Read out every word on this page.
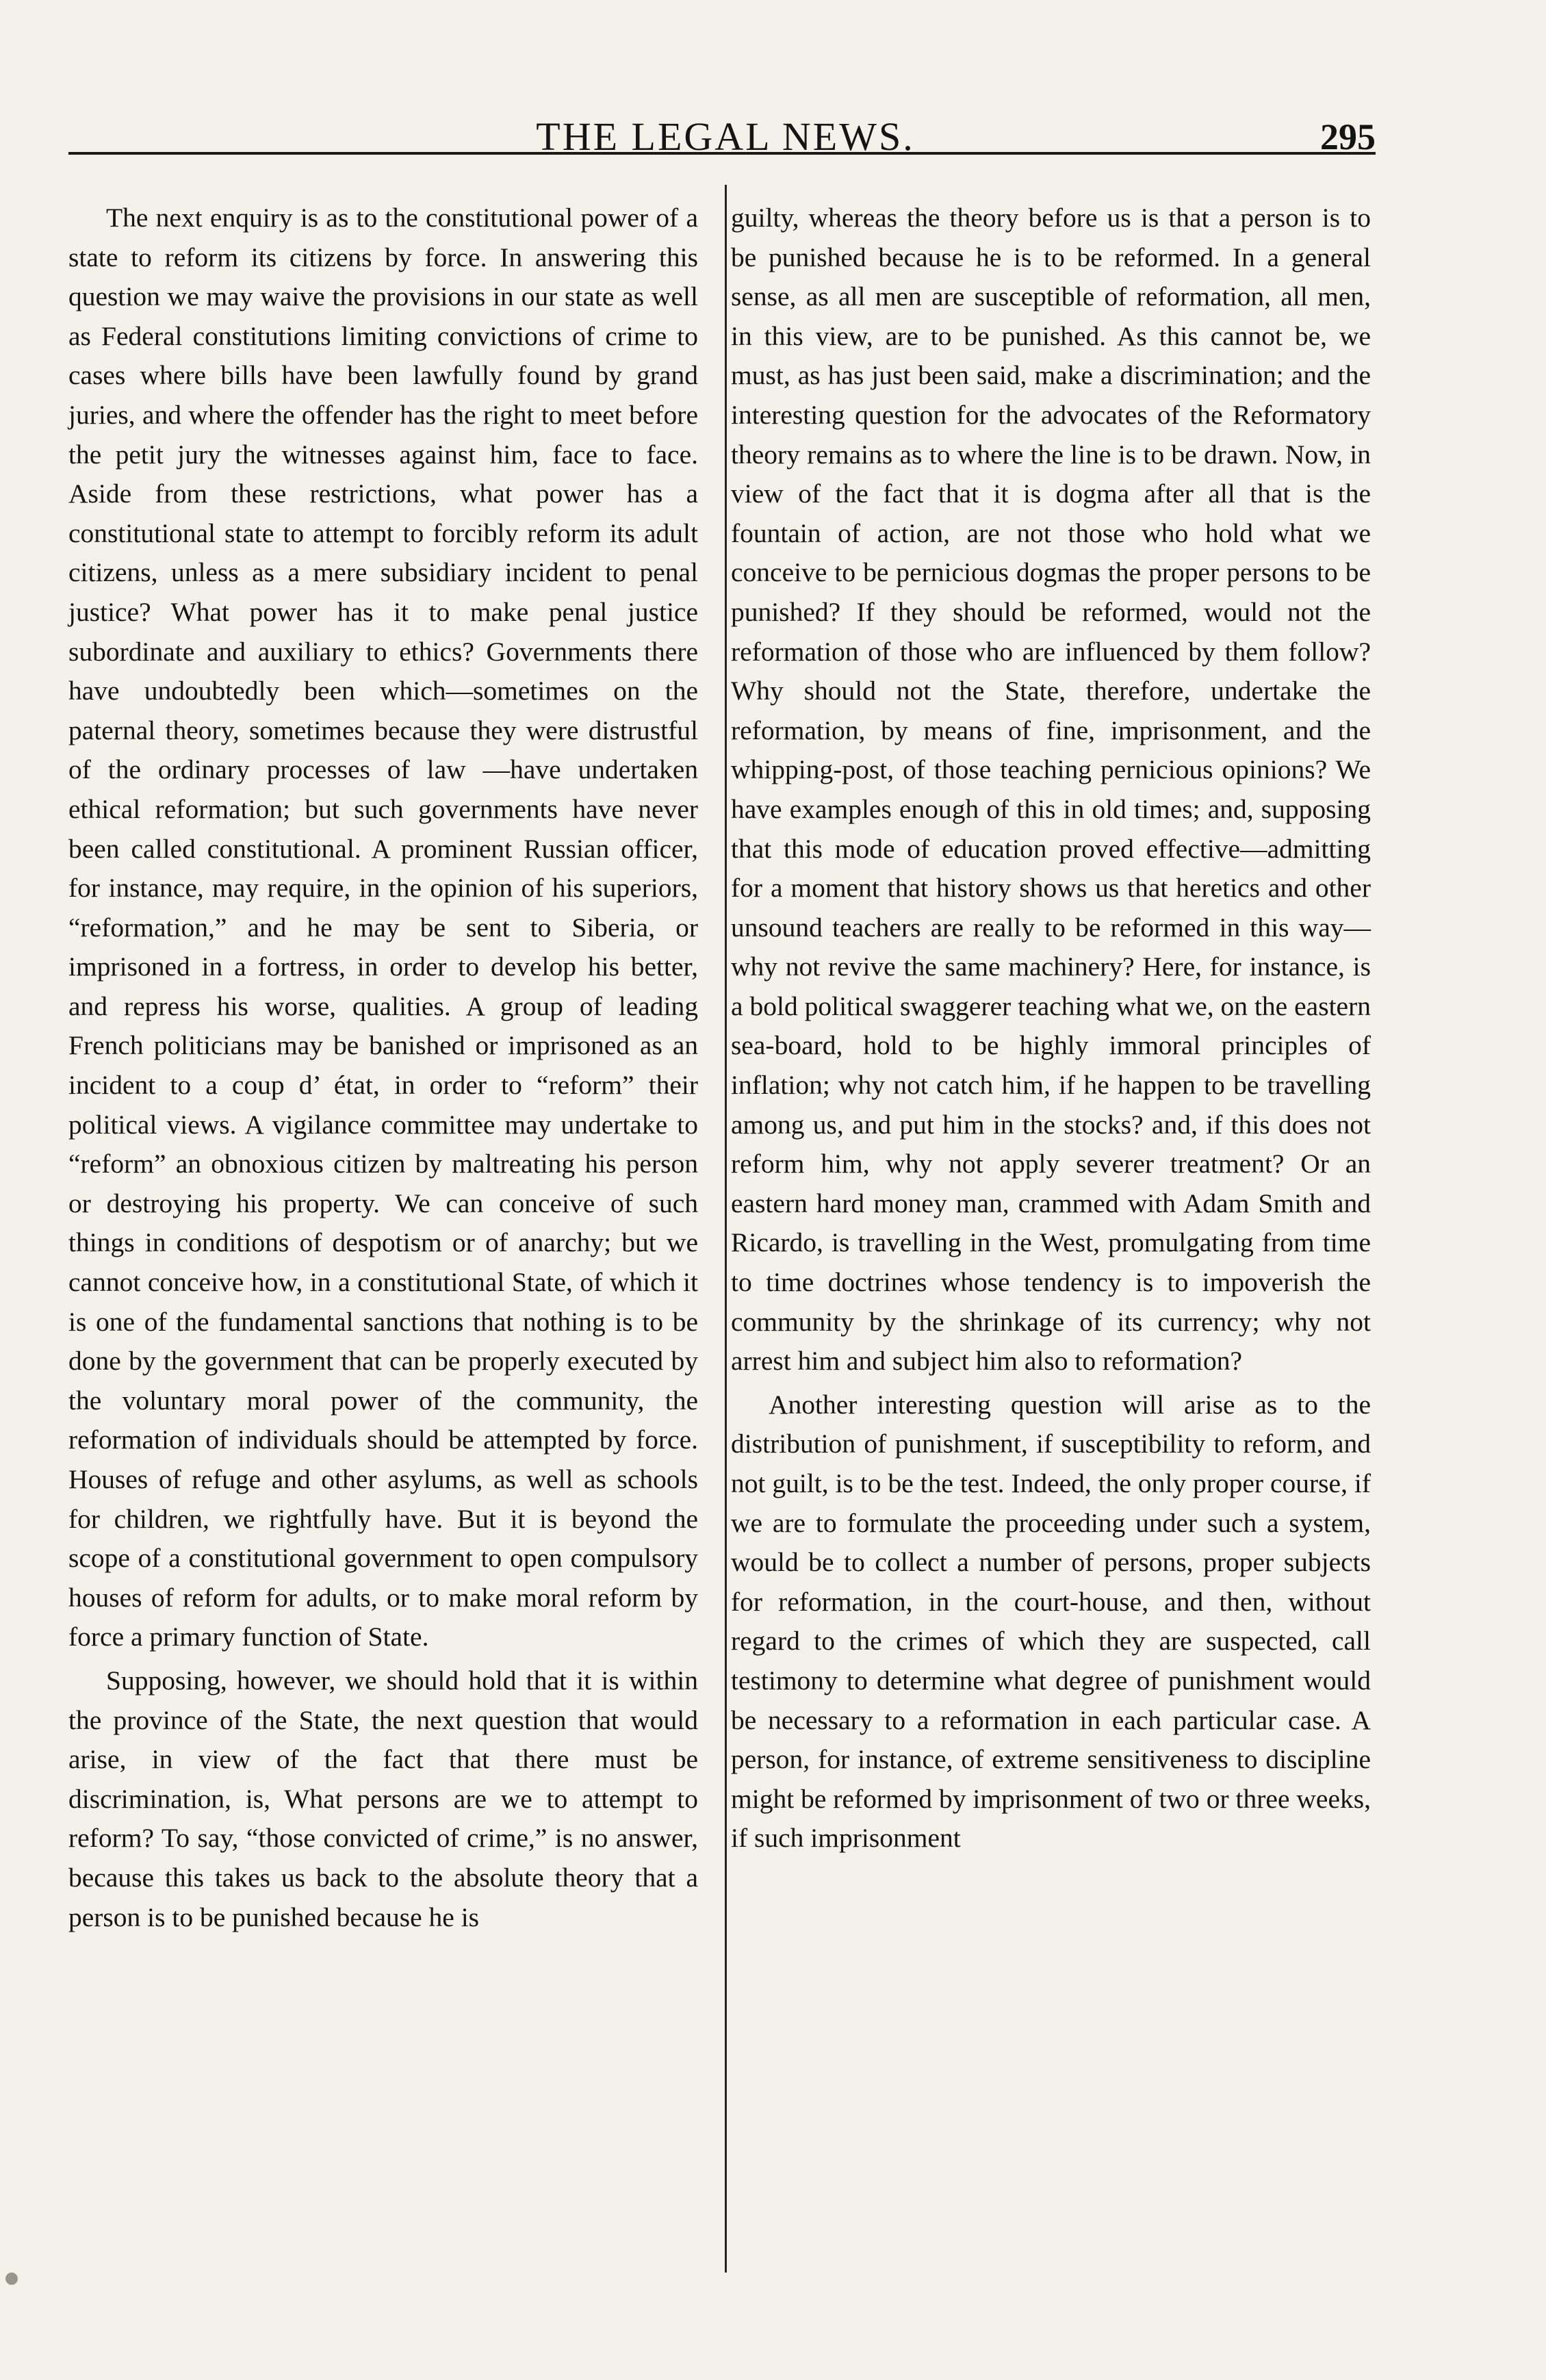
THE LEGAL NEWS.	295

The next enquiry is as to the constitutional power of a state to reform its citizens by force. In answering this question we may waive the provisions in our state as well as Federal constitutions limiting convictions of crime to cases where bills have been lawfully found by grand juries, and where the offender has the right to meet before the petit jury the witnesses against him, face to face. Aside from these restrictions, what power has a constitutional state to attempt to forcibly reform its adult citizens, unless as a mere subsidiary incident to penal justice? What power has it to make penal justice subordinate and auxiliary to ethics? Governments there have undoubtedly been which—sometimes on the paternal theory, sometimes because they were distrustful of the ordinary processes of law —have undertaken ethical reformation; but such governments have never been called constitutional. A prominent Russian officer, for instance, may require, in the opinion of his superiors, “reformation,” and he may be sent to Siberia, or imprisoned in a fortress, in order to develop his better, and repress his worse, qualities. A group of leading French politicians may be banished or imprisoned as an incident to a coup d’ état, in order to “reform” their political views. A vigilance committee may undertake to “reform” an obnoxious citizen by maltreating his person or destroying his property. We can conceive of such things in conditions of despotism or of anarchy; but we cannot conceive how, in a constitutional State, of which it is one of the fundamental sanctions that nothing is to be done by the government that can be properly executed by the voluntary moral power of the community, the reformation of individuals should be attempted by force. Houses of refuge and other asylums, as well as schools for children, we rightfully have. But it is beyond the scope of a constitutional government to open compulsory houses of reform for adults, or to make moral reform by force a primary function of State.

Supposing, however, we should hold that it is within the province of the State, the next question that would arise, in view of the fact that there must be discrimination, is, What persons are we to attempt to reform? To say, “those convicted of crime,” is no answer, because this takes us back to the absolute theory that a person is to be punished because he is

guilty, whereas the theory before us is that a person is to be punished because he is to be reformed. In a general sense, as all men are susceptible of reformation, all men, in this view, are to be punished. As this cannot be, we must, as has just been said, make a discrimination; and the interesting question for the advocates of the Reformatory theory remains as to where the line is to be drawn. Now, in view of the fact that it is dogma after all that is the fountain of action, are not those who hold what we conceive to be pernicious dogmas the proper persons to be punished? If they should be reformed, would not the reformation of those who are influenced by them follow? Why should not the State, therefore, undertake the reformation, by means of fine, imprisonment, and the whipping-post, of those teaching pernicious opinions? We have examples enough of this in old times; and, supposing that this mode of education proved effective—admitting for a moment that history shows us that heretics and other unsound teachers are really to be reformed in this way—why not revive the same machinery? Here, for instance, is a bold political swaggerer teaching what we, on the eastern sea-board, hold to be highly immoral principles of inflation; why not catch him, if he happen to be travelling among us, and put him in the stocks? and, if this does not reform him, why not apply severer treatment? Or an eastern hard money man, crammed with Adam Smith and Ricardo, is travelling in the West, promulgating from time to time doctrines whose tendency is to impoverish the community by the shrinkage of its currency; why not arrest him and subject him also to reformation?

Another interesting question will arise as to the distribution of punishment, if susceptibility to reform, and not guilt, is to be the test. Indeed, the only proper course, if we are to formulate the proceeding under such a system, would be to collect a number of persons, proper subjects for reformation, in the court-house, and then, without regard to the crimes of which they are suspected, call testimony to determine what degree of punishment would be necessary to a reformation in each particular case. A person, for instance, of extreme sensitiveness to discipline might be reformed by imprisonment of two or three weeks, if such imprisonment
